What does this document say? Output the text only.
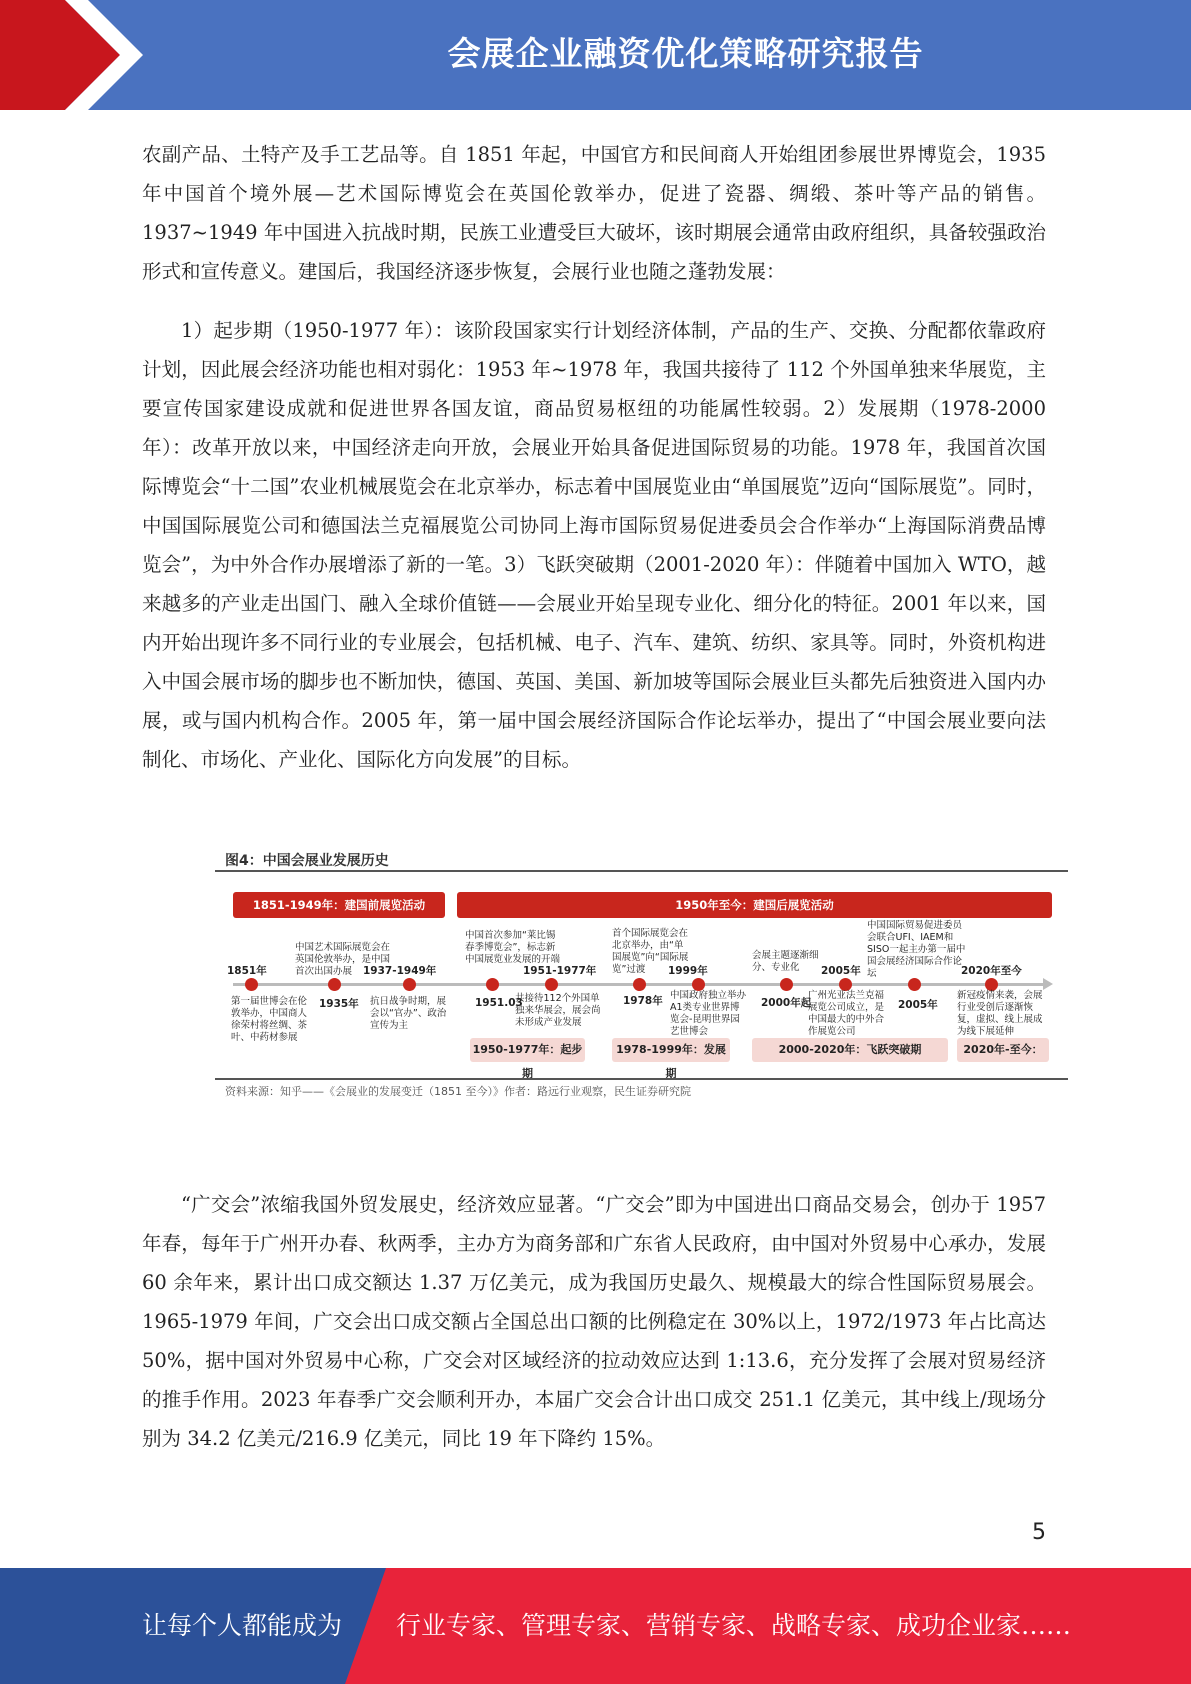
会展企业融资优化策略研究报告

农副产品、土特产及手工艺品等。自 1851 年起，中国官方和民间商人开始组团参展世界博览会，1935 年中国首个境外展—艺术国际博览会在英国伦敦举办，促进了瓷器、绸缎、茶叶等产品的销售。1937~1949 年中国进入抗战时期，民族工业遭受巨大破坏，该时期展会通常由政府组织，具备较强政治形式和宣传意义。建国后，我国经济逐步恢复，会展行业也随之蓬勃发展：

1）起步期（1950-1977 年）：该阶段国家实行计划经济体制，产品的生产、交换、分配都依靠政府计划，因此展会经济功能也相对弱化：1953 年~1978 年，我国共接待了 112 个外国单独来华展览，主要宣传国家建设成就和促进世界各国友谊，商品贸易枢纽的功能属性较弱。2）发展期（1978-2000 年）：改革开放以来，中国经济走向开放，会展业开始具备促进国际贸易的功能。1978 年，我国首次国际博览会“十二国”农业机械展览会在北京举办，标志着中国展览业由“单国展览”迈向“国际展览”。同时，中国国际展览公司和德国法兰克福展览公司协同上海市国际贸易促进委员会合作举办“上海国际消费品博览会”，为中外合作办展增添了新的一笔。3）飞跃突破期（2001-2020 年）：伴随着中国加入 WTO，越来越多的产业走出国门、融入全球价值链——会展业开始呈现专业化、细分化的特征。2001 年以来，国内开始出现许多不同行业的专业展会，包括机械、电子、汽车、建筑、纺织、家具等。同时，外资机构进入中国会展市场的脚步也不断加快，德国、英国、美国、新加坡等国际会展业巨头都先后独资进入国内办展，或与国内机构合作。2005 年，第一届中国会展经济国际合作论坛举办，提出了“中国会展业要向法制化、市场化、产业化、国际化方向发展”的目标。

图4：中国会展业发展历史
1851-1949年：建国前展览活动	1950年至今：建国后展览活动
中国艺术国际展览会在英国伦敦举办，是中国首次出国办展
中国首次参加“莱比锡春季博览会”，标志新中国展览业发展的开端
首个国际展览会在北京举办，由“单国展览”向“国际展览”过渡
会展主题逐渐细分、专业化
中国国际贸易促进委员会联合UFI、IAEM和SISO一起主办第一届中国会展经济国际合作论坛
1851年	1937-1949年	1951-1977年	1999年	2005年	2020年至今
1935年	1951.03	1978年	2000年起	2005年
第一届世博会在伦敦举办，中国商人徐荣村将丝绸、茶叶、中药材参展
抗日战争时期，展会以“官办”、政治宣传为主
共接待112个外国单独来华展会，展会尚未形成产业发展
中国政府独立举办A1类专业世界博览会-昆明世界园艺世博会
广州光亚法兰克福展览公司成立，是中国最大的中外合作展览公司
新冠疫情来袭，会展行业受创后逐渐恢复，虚拟、线上展成为线下展延伸
1950-1977年：起步期
1978-1999年：发展期
2000-2020年：飞跃突破期	2020年-至今：
资料来源：知乎——《会展业的发展变迁（1851 至今）》作者：路远行业观察，民生证券研究院

“广交会”浓缩我国外贸发展史，经济效应显著。“广交会”即为中国进出口商品交易会，创办于 1957 年春，每年于广州开办春、秋两季，主办方为商务部和广东省人民政府，由中国对外贸易中心承办，发展 60 余年来，累计出口成交额达 1.37 万亿美元，成为我国历史最久、规模最大的综合性国际贸易展会。1965-1979 年间，广交会出口成交额占全国总出口额的比例稳定在 30%以上，1972/1973 年占比高达 50%，据中国对外贸易中心称，广交会对区域经济的拉动效应达到 1:13.6，充分发挥了会展对贸易经济的推手作用。2023 年春季广交会顺利开办，本届广交会合计出口成交 251.1 亿美元，其中线上/现场分别为 34.2 亿美元/216.9 亿美元，同比 19 年下降约 15%。

5
让每个人都能成为 行业专家、管理专家、营销专家、战略专家、成功企业家……
